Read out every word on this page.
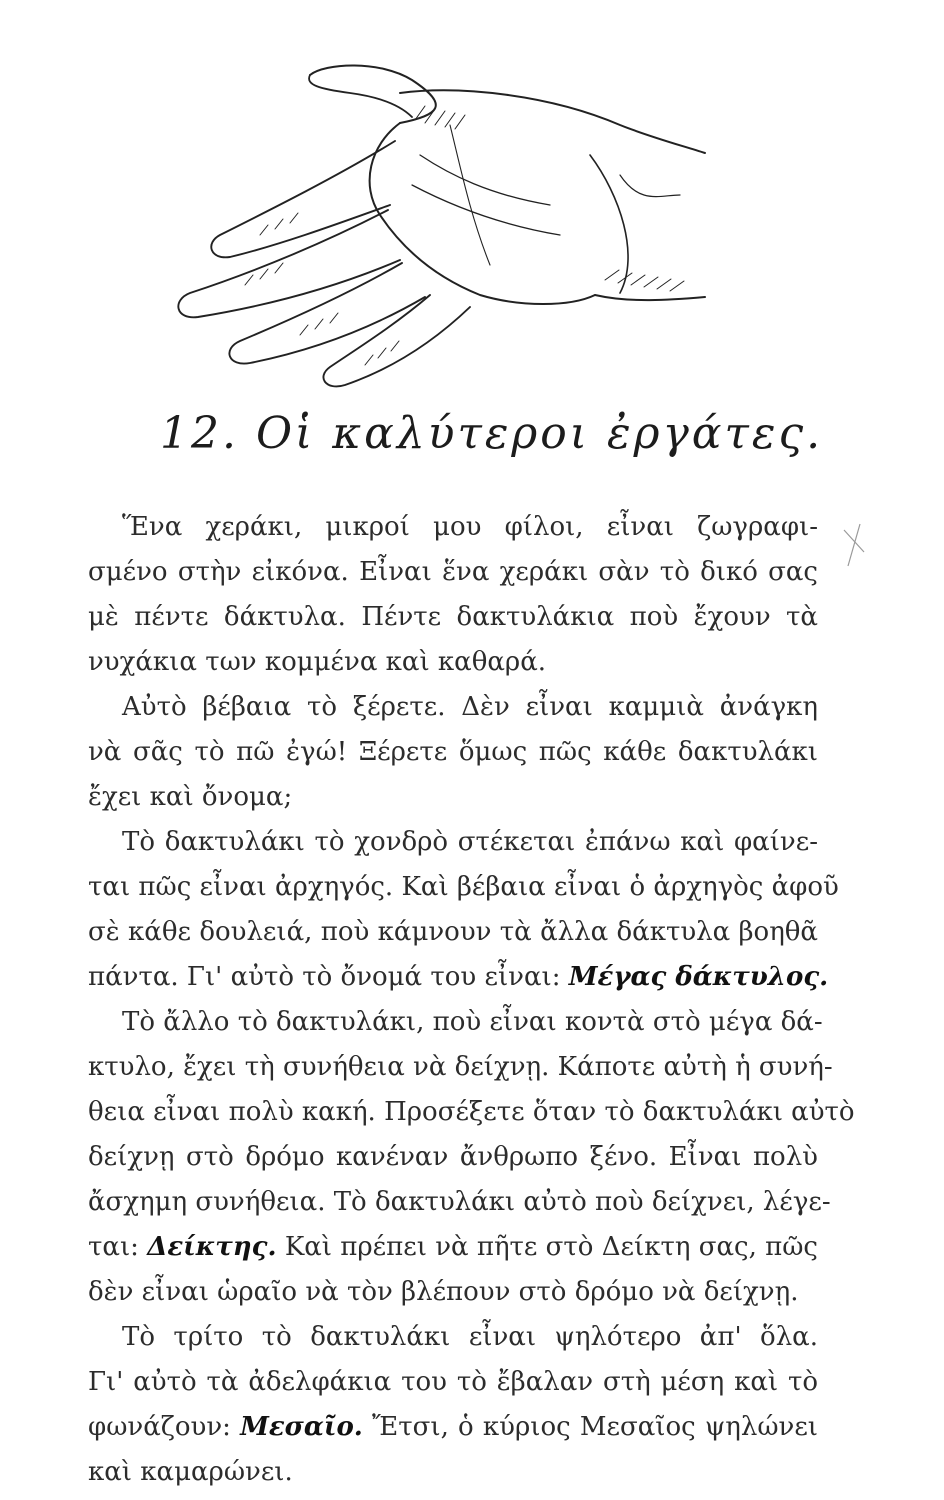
12. Οἱ καλύτεροι ἐργάτες.

Ἕνα χεράκι, μικροί μου φίλοι, εἶναι ζωγραφι-
σμένο στὴν εἰκόνα. Εἶναι ἕνα χεράκι σὰν τὸ δικό σας
μὲ πέντε δάκτυλα. Πέντε δακτυλάκια ποὺ ἔχουν τὰ
νυχάκια των κομμένα καὶ καθαρά.

Αὐτὸ βέβαια τὸ ξέρετε. Δὲν εἶναι καμμιὰ ἀνάγκη
νὰ σᾶς τὸ πῶ ἐγώ! Ξέρετε ὅμως πῶς κάθε δακτυλάκι
ἔχει καὶ ὄνομα;

Τὸ δακτυλάκι τὸ χονδρὸ στέκεται ἐπάνω καὶ φαίνε-
ται πῶς εἶναι ἀρχηγός. Καὶ βέβαια εἶναι ὁ ἀρχηγὸς ἀφοῦ
σὲ κάθε δουλειά, ποὺ κάμνουν τὰ ἄλλα δάκτυλα βοηθᾶ
πάντα. Γι' αὐτὸ τὸ ὄνομά του εἶναι: Μέγας δάκτυλος.

Τὸ ἄλλο τὸ δακτυλάκι, ποὺ εἶναι κοντὰ στὸ μέγα δά-
κτυλο, ἔχει τὴ συνήθεια νὰ δείχνῃ. Κάποτε αὐτὴ ἡ συνή-
θεια εἶναι πολὺ κακή. Προσέξετε ὅταν τὸ δακτυλάκι αὐτὸ
δείχνῃ στὸ δρόμο κανέναν ἄνθρωπο ξένο. Εἶναι πολὺ
ἄσχημη συνήθεια. Τὸ δακτυλάκι αὐτὸ ποὺ δείχνει, λέγε-
ται: Δείκτης. Καὶ πρέπει νὰ πῆτε στὸ Δείκτη σας, πῶς
δὲν εἶναι ὡραῖο νὰ τὸν βλέπουν στὸ δρόμο νὰ δείχνῃ.

Τὸ τρίτο τὸ δακτυλάκι εἶναι ψηλότερο ἀπ' ὅλα.
Γι' αὐτὸ τὰ ἀδελφάκια του τὸ ἔβαλαν στὴ μέση καὶ τὸ
φωνάζουν: Μεσαῖο. Ἔτσι, ὁ κύριος Μεσαῖος ψηλώνει
καὶ καμαρώνει.
